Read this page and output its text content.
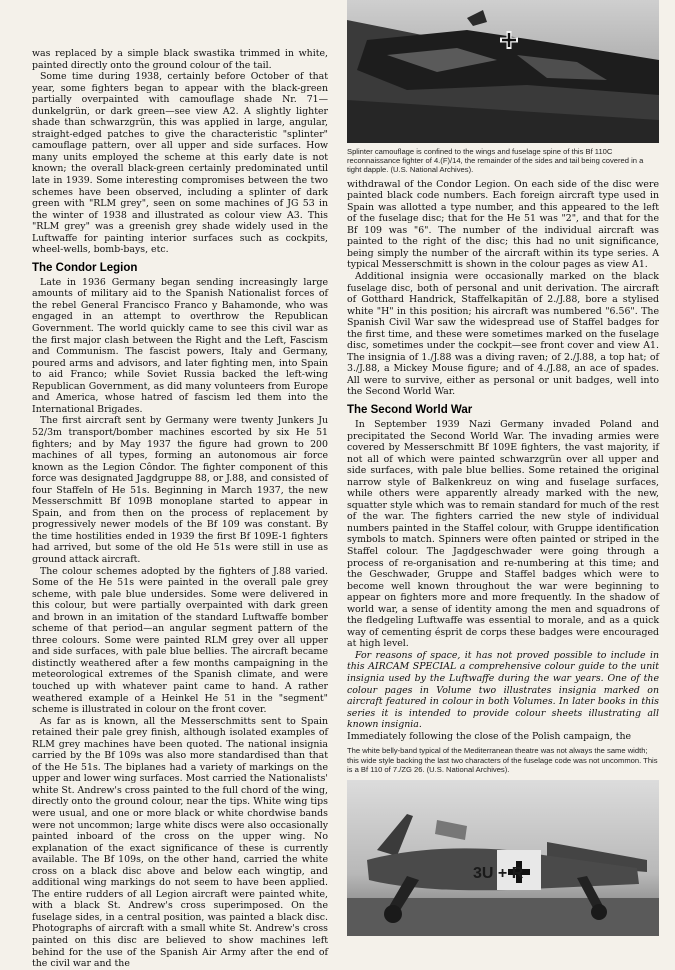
was replaced by a simple black swastika trimmed in white, painted directly onto the ground colour of the tail.

Some time during 1938, certainly before October of that year, some fighters began to appear with the black-green partially overpainted with camouflage shade Nr. 71—dunkelgrün, or dark green—see view A2. A slightly lighter shade than schwarzgrün, this was applied in large, angular, straight-edged patches to give the characteristic "splinter" camouflage pattern, over all upper and side surfaces. How many units employed the scheme at this early date is not known; the overall black-green certainly predominated until late in 1939. Some interesting compromises between the two schemes have been observed, including a splinter of dark green with "RLM grey", seen on some machines of JG 53 in the winter of 1938 and illustrated as colour view A3. This "RLM grey" was a greenish grey shade widely used in the Luftwaffe for painting interior surfaces such as cockpits, wheel-wells, bomb-bays, etc.

The Condor Legion

Late in 1936 Germany began sending increasingly large amounts of military aid to the Spanish Nationalist forces of the rebel General Francisco Franco y Bahamonde, who was engaged in an attempt to overthrow the Republican Government. The world quickly came to see this civil war as the first major clash between the Right and the Left, Fascism and Communism. The fascist powers, Italy and Germany, poured arms and advisors, and later fighting men, into Spain to aid Franco; while Soviet Russia backed the left-wing Republican Government, as did many volunteers from Europe and America, whose hatred of fascism led them into the International Brigades.

The first aircraft sent by Germany were twenty Junkers Ju 52/3m transport/bomber machines escorted by six He 51 fighters; and by May 1937 the figure had grown to 200 machines of all types, forming an autonomous air force known as the Legion Côndor. The fighter component of this force was designated Jagdgruppe 88, or J.88, and consisted of four Staffeln of He 51s. Beginning in March 1937, the new Messerschmitt Bf 109B monoplane started to appear in Spain, and from then on the process of replacement by progressively newer models of the Bf 109 was constant. By the time hostilities ended in 1939 the first Bf 109E-1 fighters had arrived, but some of the old He 51s were still in use as ground attack aircraft.

The colour schemes adopted by the fighters of J.88 varied. Some of the He 51s were painted in the overall pale grey scheme, with pale blue undersides. Some were delivered in this colour, but were partially overpainted with dark green and brown in an imitation of the standard Luftwaffe bomber scheme of that period—an angular segment pattern of the three colours. Some were painted RLM grey over all upper and side surfaces, with pale blue bellies. The aircraft became distinctly weathered after a few months campaigning in the meteorological extremes of the Spanish climate, and were touched up with whatever paint came to hand. A rather weathered example of a Heinkel He 51 in the "segment" scheme is illustrated in colour on the front cover.

As far as is known, all the Messerschmitts sent to Spain retained their pale grey finish, although isolated examples of RLM grey machines have been quoted. The national insignia carried by the Bf 109s was also more standardised than that of the He 51s. The biplanes had a variety of markings on the upper and lower wing surfaces. Most carried the Nationalists' white St. Andrew's cross painted to the full chord of the wing, directly onto the ground colour, near the tips. White wing tips were usual, and one or more black or white chordwise bands were not uncommon; large white discs were also occasionally painted inboard of the cross on the upper wing. No explanation of the exact significance of these is currently available. The Bf 109s, on the other hand, carried the white cross on a black disc above and below each wingtip, and additional wing markings do not seem to have been applied. The entire rudders of all Legion aircraft were painted white, with a black St. Andrew's cross superimposed. On the fuselage sides, in a central position, was painted a black disc. Photographs of aircraft with a small white St. Andrew's cross painted on this disc are believed to show machines left behind for the use of the Spanish Air Army after the end of the civil war and the

Splinter camouflage is confined to the wings and fuselage spine of this Bf 110C reconnaissance fighter of 4.(F)/14, the remainder of the sides and tail being covered in a tight dapple. (U.S. National Archives).

withdrawal of the Condor Legion. On each side of the disc were painted black code numbers. Each foreign aircraft type used in Spain was allotted a type number, and this appeared to the left of the fuselage disc; that for the He 51 was "2", and that for the Bf 109 was "6". The number of the individual aircraft was painted to the right of the disc; this had no unit significance, being simply the number of the aircraft within its type series. A typical Messerschmitt is shown in the colour pages as view A1.

Additional insignia were occasionally marked on the black fuselage disc, both of personal and unit derivation. The aircraft of Gotthard Handrick, Staffelkapitän of 2./J.88, bore a stylised white "H" in this position; his aircraft was numbered "6.56". The Spanish Civil War saw the widespread use of Staffel badges for the first time, and these were sometimes marked on the fuselage disc, sometimes under the cockpit—see front cover and view A1. The insignia of 1./J.88 was a diving raven; of 2./J.88, a top hat; of 3./J.88, a Mickey Mouse figure; and of 4./J.88, an ace of spades. All were to survive, either as personal or unit badges, well into the Second World War.

The Second World War

In September 1939 Nazi Germany invaded Poland and precipitated the Second World War. The invading armies were covered by Messerschmitt Bf 109E fighters, the vast majority, if not all of which were painted schwarzgrün over all upper and side surfaces, with pale blue bellies. Some retained the original narrow style of Balkenkreuz on wing and fuselage surfaces, while others were apparently already marked with the new, squatter style which was to remain standard for much of the rest of the war. The fighters carried the new style of individual numbers painted in the Staffel colour, with Gruppe identification symbols to match. Spinners were often painted or striped in the Staffel colour. The Jagdgeschwader were going through a process of re-organisation and re-numbering at this time; and the Geschwader, Gruppe and Staffel badges which were to become well known throughout the war were beginning to appear on fighters more and more frequently. In the shadow of world war, a sense of identity among the men and squadrons of the fledgeling Luftwaffe was essential to morale, and as a quick way of cementing ésprit de corps these badges were encouraged at high level.

For reasons of space, it has not proved possible to include in this AIRCAM SPECIAL a comprehensive colour guide to the unit insignia used by the Luftwaffe during the war years. One of the colour pages in Volume two illustrates insignia marked on aircraft featured in colour in both Volumes. In later books in this series it is intended to provide colour sheets illustrating all known insignia.

Immediately following the close of the Polish campaign, the

The white belly-band typical of the Mediterranean theatre was not always the same width; this wide style backing the last two characters of the fuselage code was not uncommon. This is a Bf 110 of 7./ZG 26. (U.S. National Archives).

3U + R
